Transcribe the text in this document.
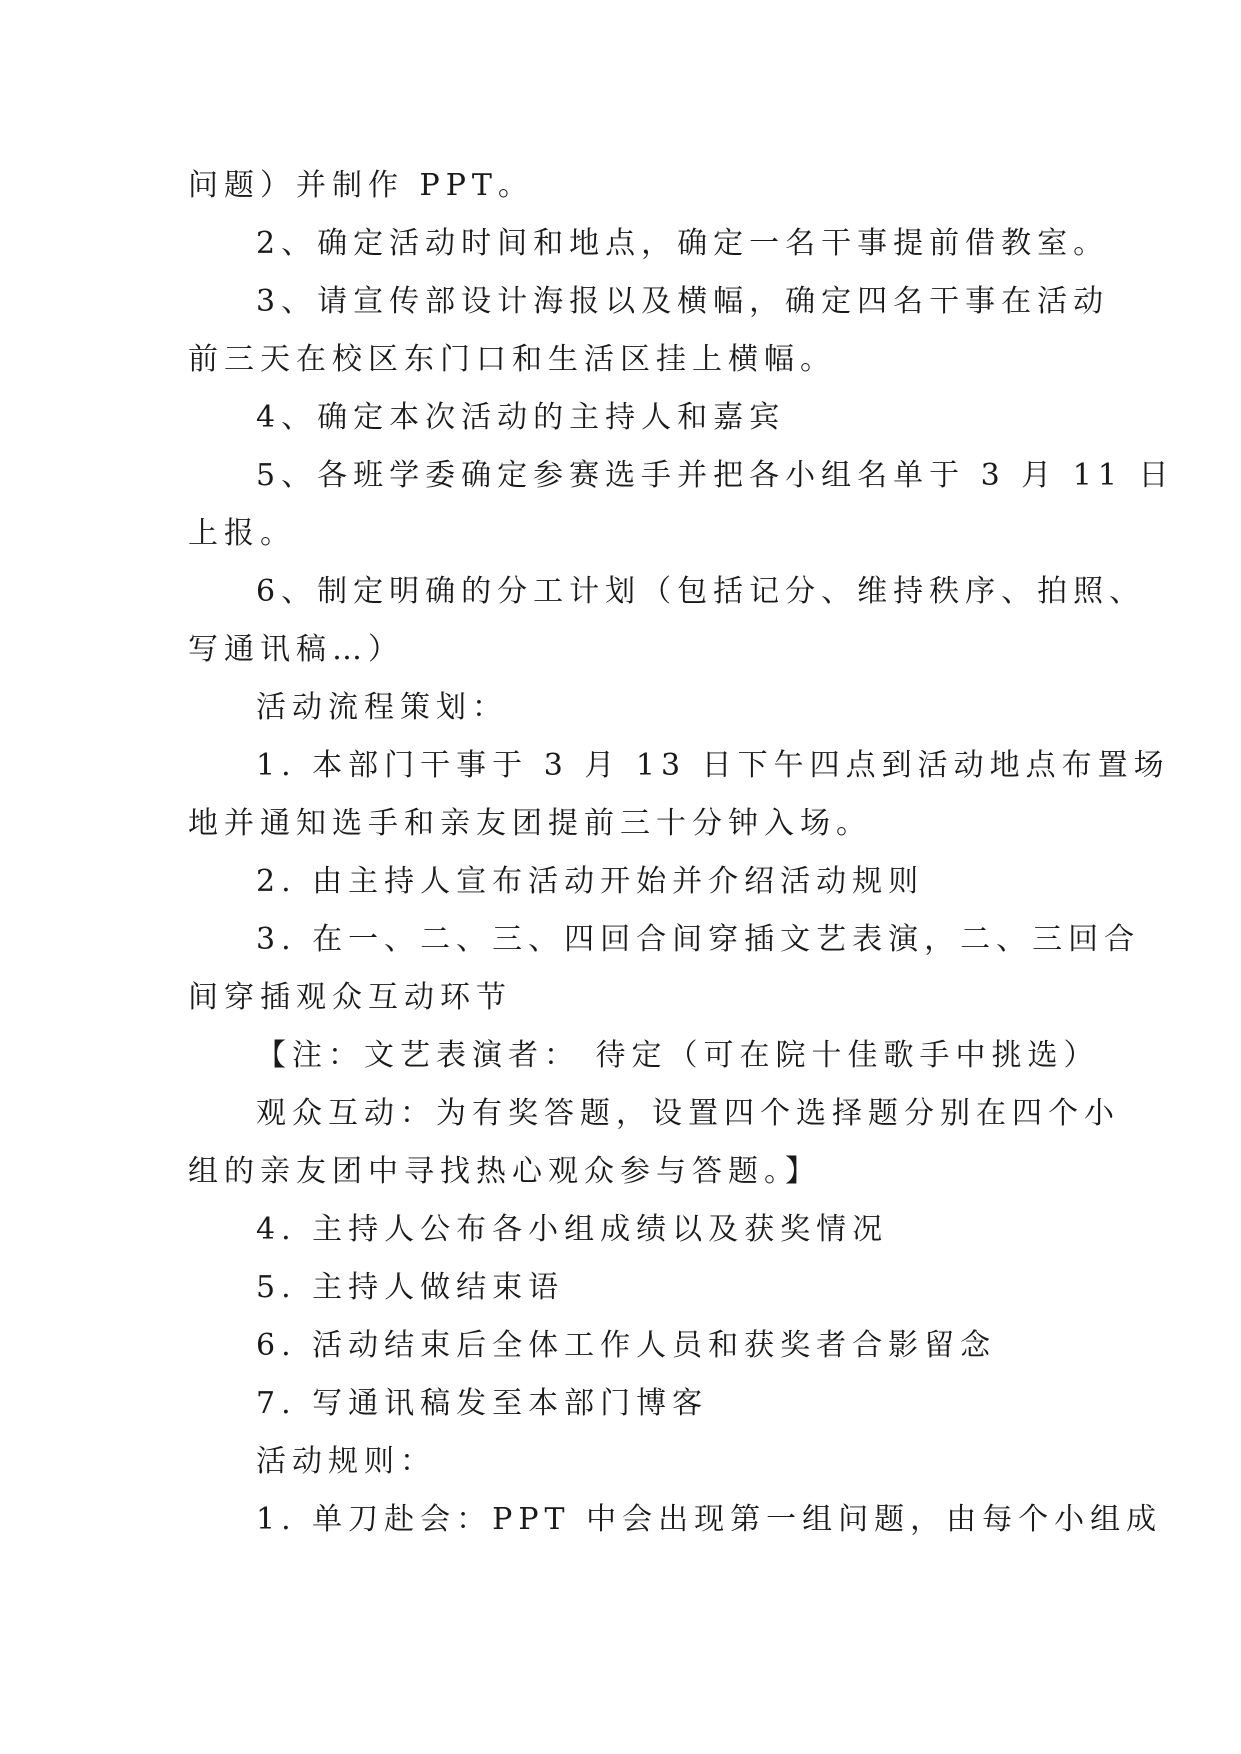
问题）并制作 PPT。
2、确定活动时间和地点，确定一名干事提前借教室。
3、请宣传部设计海报以及横幅，确定四名干事在活动
前三天在校区东门口和生活区挂上横幅。
4、确定本次活动的主持人和嘉宾
5、各班学委确定参赛选手并把各小组名单于 3 月 11 日
上报。
6、制定明确的分工计划（包括记分、维持秩序、拍照、
写通讯稿…）
活动流程策划：
1. 本部门干事于 3 月 13 日下午四点到活动地点布置场
地并通知选手和亲友团提前三十分钟入场。
2. 由主持人宣布活动开始并介绍活动规则
3. 在一、二、三、四回合间穿插文艺表演，二、三回合
间穿插观众互动环节
【注：文艺表演者： 待定（可在院十佳歌手中挑选）
观众互动：为有奖答题，设置四个选择题分别在四个小
组的亲友团中寻找热心观众参与答题。】
4. 主持人公布各小组成绩以及获奖情况
5. 主持人做结束语
6. 活动结束后全体工作人员和获奖者合影留念
7. 写通讯稿发至本部门博客
活动规则：
1. 单刀赴会：PPT 中会出现第一组问题，由每个小组成
